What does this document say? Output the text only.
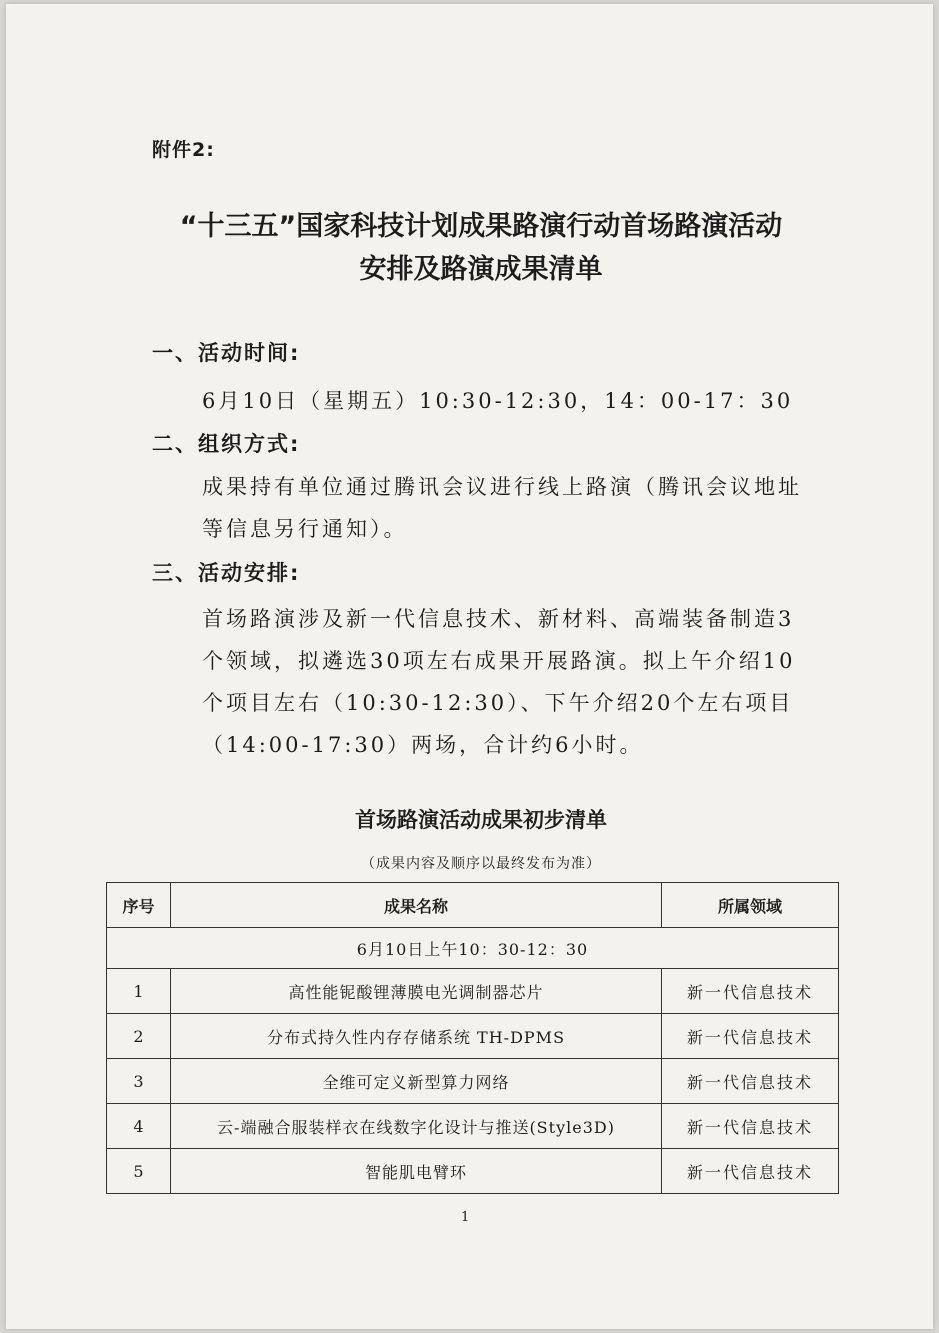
附件2:
“十三五”国家科技计划成果路演行动首场路演活动
安排及路演成果清单
一、活动时间:
6月10日（星期五）10:30-12:30，14：00-17：30
二、组织方式:
成果持有单位通过腾讯会议进行线上路演（腾讯会议地址等信息另行通知）。
三、活动安排:
首场路演涉及新一代信息技术、新材料、高端装备制造3个领域，拟遴选30项左右成果开展路演。拟上午介绍10个项目左右（10:30-12:30）、下午介绍20个左右项目（14:00-17:30）两场，合计约6小时。
首场路演活动成果初步清单
（成果内容及顺序以最终发布为准）
序号	成果名称	所属领域
6月10日上午10：30-12：30		
1	高性能铌酸锂薄膜电光调制器芯片	新一代信息技术
2	分布式持久性内存存储系统 TH-DPMS	新一代信息技术
3	全维可定义新型算力网络	新一代信息技术
4	云-端融合服装样衣在线数字化设计与推送(Style3D)	新一代信息技术
5	智能肌电臂环	新一代信息技术
1
